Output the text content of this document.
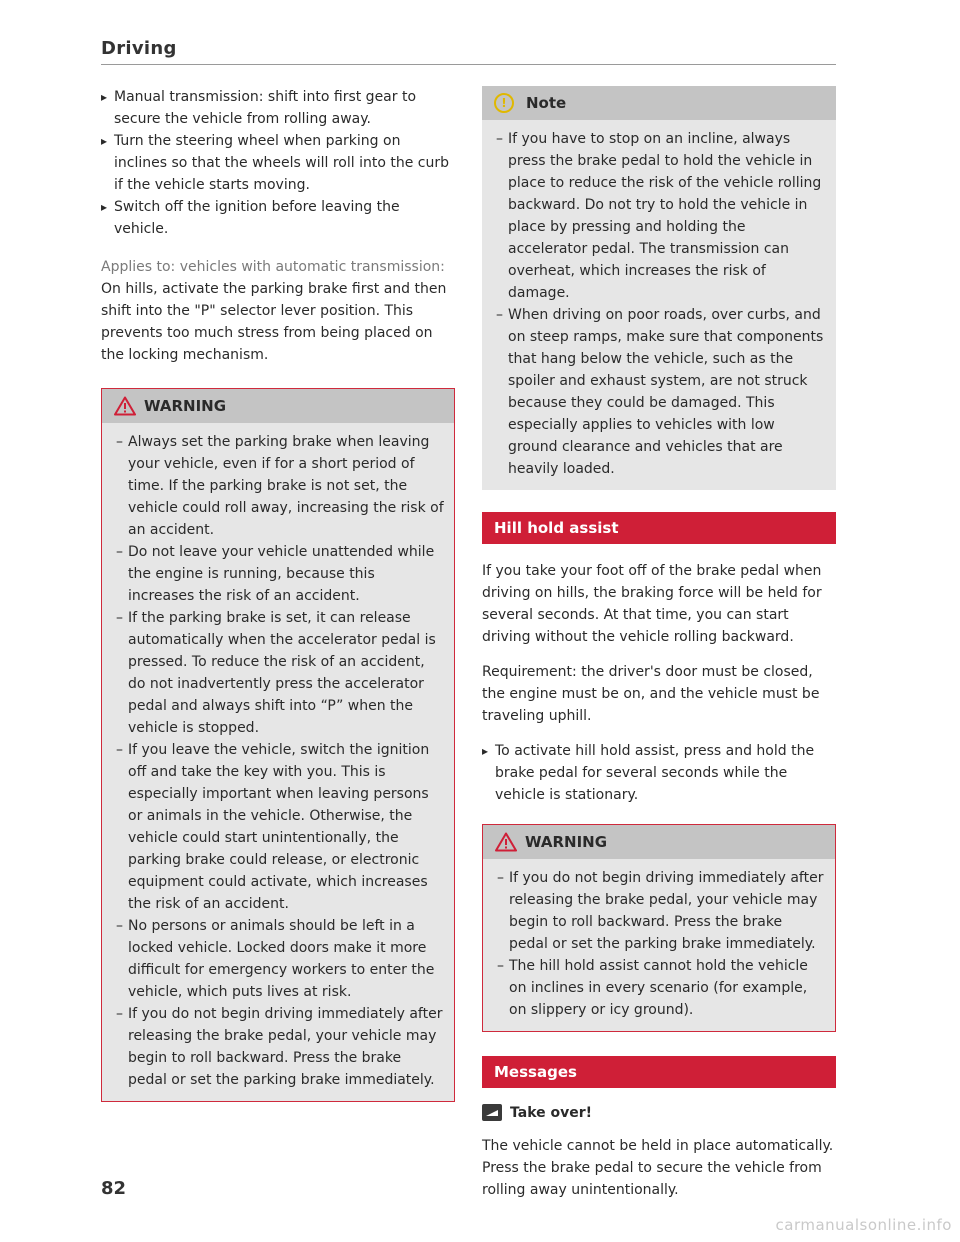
Driving

▸ Manual transmission: shift into first gear to secure the vehicle from rolling away.

▸ Turn the steering wheel when parking on inclines so that the wheels will roll into the curb if the vehicle starts moving.

▸ Switch off the ignition before leaving the vehicle.

Applies to: vehicles with automatic transmission:

On hills, activate the parking brake first and then shift into the "P" selector lever position. This prevents too much stress from being placed on the locking mechanism.

WARNING

– Always set the parking brake when leaving your vehicle, even if for a short period of time. If the parking brake is not set, the vehicle could roll away, increasing the risk of an accident.

– Do not leave your vehicle unattended while the engine is running, because this increases the risk of an accident.

– If the parking brake is set, it can release automatically when the accelerator pedal is pressed. To reduce the risk of an accident, do not inadvertently press the accelerator pedal and always shift into “P” when the vehicle is stopped.

– If you leave the vehicle, switch the ignition off and take the key with you. This is especially important when leaving persons or animals in the vehicle. Otherwise, the vehicle could start unintentionally, the parking brake could release, or electronic equipment could activate, which increases the risk of an accident.

– No persons or animals should be left in a locked vehicle. Locked doors make it more difficult for emergency workers to enter the vehicle, which puts lives at risk.

– If you do not begin driving immediately after releasing the brake pedal, your vehicle may begin to roll backward. Press the brake pedal or set the parking brake immediately.

!	Note

– If you have to stop on an incline, always press the brake pedal to hold the vehicle in place to reduce the risk of the vehicle rolling backward. Do not try to hold the vehicle in place by pressing and holding the accelerator pedal. The transmission can overheat, which increases the risk of damage.

– When driving on poor roads, over curbs, and on steep ramps, make sure that components that hang below the vehicle, such as the spoiler and exhaust system, are not struck because they could be damaged. This especially applies to vehicles with low ground clearance and vehicles that are heavily loaded.

Hill hold assist

If you take your foot off of the brake pedal when driving on hills, the braking force will be held for several seconds. At that time, you can start driving without the vehicle rolling backward.

Requirement: the driver's door must be closed, the engine must be on, and the vehicle must be traveling uphill.

▸ To activate hill hold assist, press and hold the brake pedal for several seconds while the vehicle is stationary.

WARNING

– If you do not begin driving immediately after releasing the brake pedal, your vehicle may begin to roll backward. Press the brake pedal or set the parking brake immediately.

– The hill hold assist cannot hold the vehicle on inclines in every scenario (for example, on slippery or icy ground).

Messages
Take over!

The vehicle cannot be held in place automatically. Press the brake pedal to secure the vehicle from rolling away unintentionally.

82
carmanualsonline.info
